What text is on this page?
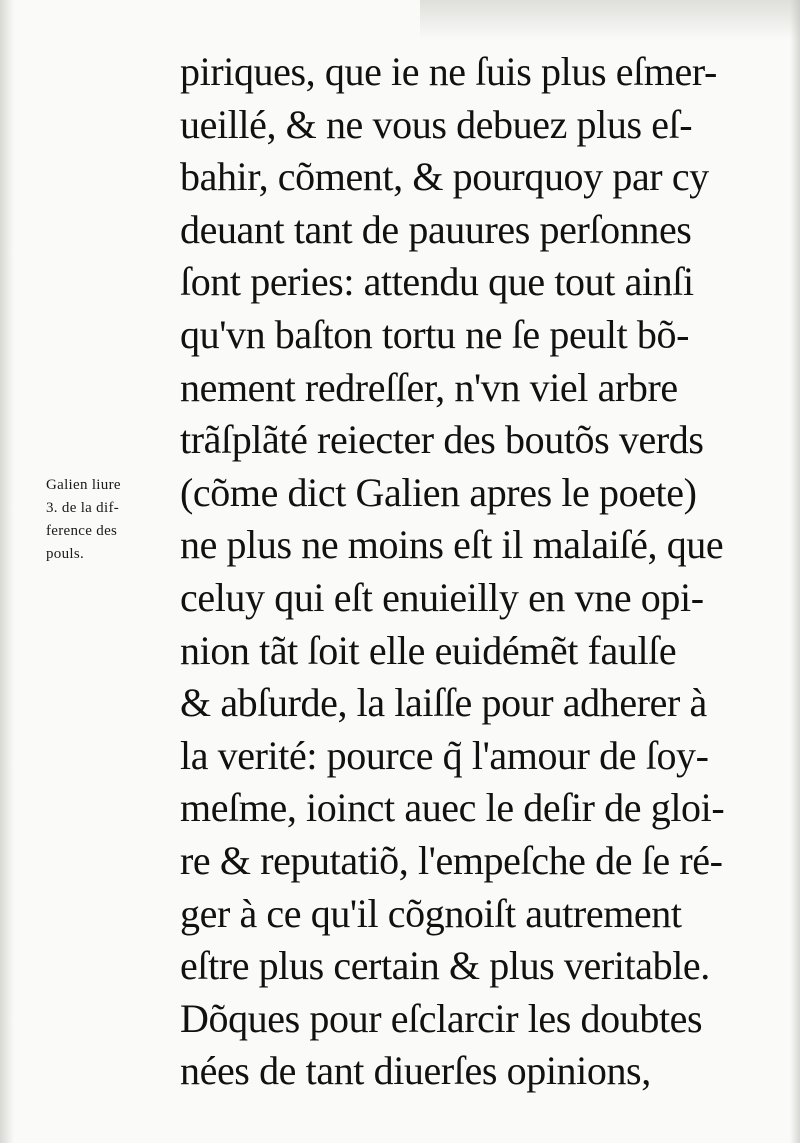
Galien liure
3. de la dif-
ference des
pouls.
piriques, que ie ne ſuis plus eſmer-
ueillé, & ne vous debuez plus eſ-
bahir, cõment, & pourquoy par cy
deuant tant de pauures perſonnes
ſont peries: attendu que tout ainſi
qu'vn baſton tortu ne ſe peult bõ-
nement redreſſer, n'vn viel arbre
trãſplãté reiecter des boutõs verds
(cõme dict Galien apres le poete)
ne plus ne moins eſt il malaiſé, que
celuy qui eſt enuieilly en vne opi-
nion tãt ſoit elle euidémẽt faulſe
& abſurde, la laiſſe pour adherer à
la verité: pource q̃ l'amour de ſoy-
meſme, ioinct auec le deſir de gloi-
re & reputatiõ, l'empeſche de ſe ré-
ger à ce qu'il cõgnoiſt autrement
eſtre plus certain & plus veritable.
Dõques pour eſclarcir les doubtes
nées de tant diuerſes opinions,
